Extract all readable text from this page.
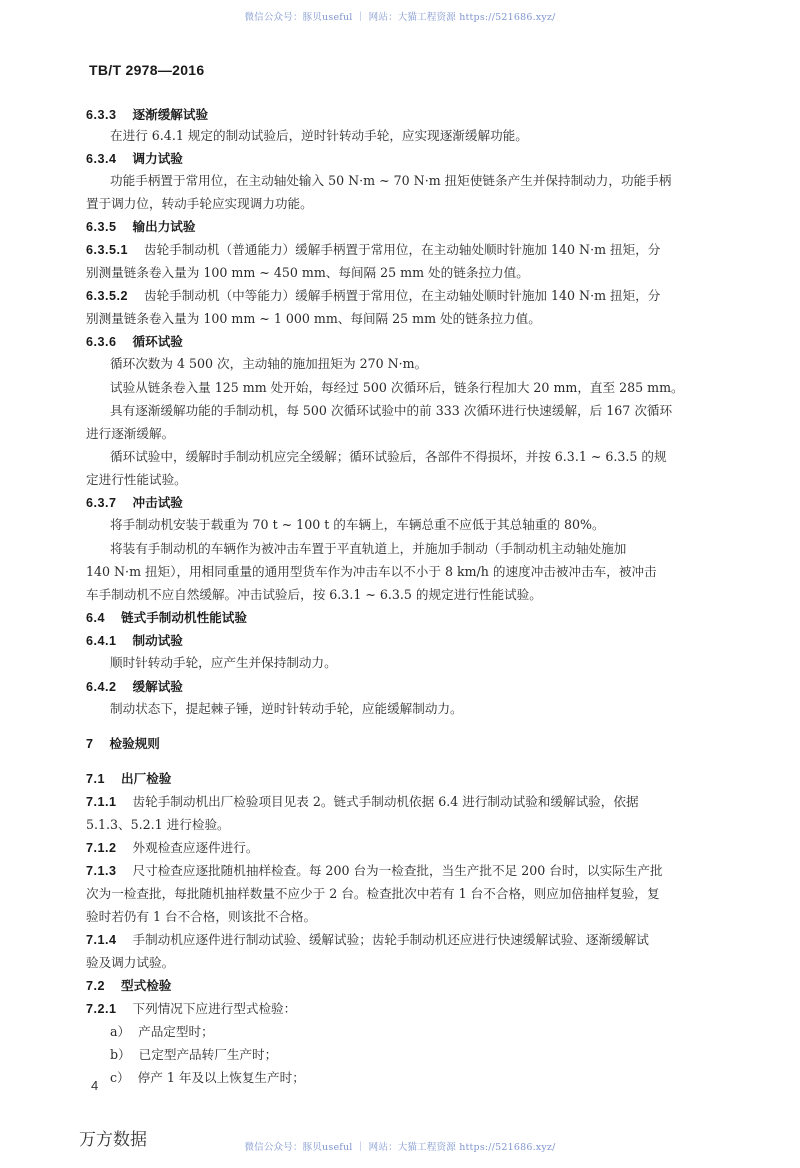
微信公众号：豚贝useful ｜ 网站：大猫工程资源 https://521686.xyz/
TB/T 2978—2016
6.3.3 逐渐缓解试验
在进行 6.4.1 规定的制动试验后，逆时针转动手轮，应实现逐渐缓解功能。
6.3.4 调力试验
功能手柄置于常用位，在主动轴处输入 50 N·m ~ 70 N·m 扭矩使链条产生并保持制动力，功能手柄
置于调力位，转动手轮应实现调力功能。
6.3.5 输出力试验
6.3.5.1 齿轮手制动机（普通能力）缓解手柄置于常用位，在主动轴处顺时针施加 140 N·m 扭矩，分
别测量链条卷入量为 100 mm ~ 450 mm、每间隔 25 mm 处的链条拉力值。
6.3.5.2 齿轮手制动机（中等能力）缓解手柄置于常用位，在主动轴处顺时针施加 140 N·m 扭矩，分
别测量链条卷入量为 100 mm ~ 1 000 mm、每间隔 25 mm 处的链条拉力值。
6.3.6 循环试验
循环次数为 4 500 次，主动轴的施加扭矩为 270 N·m。
试验从链条卷入量 125 mm 处开始，每经过 500 次循环后，链条行程加大 20 mm，直至 285 mm。
具有逐渐缓解功能的手制动机，每 500 次循环试验中的前 333 次循环进行快速缓解，后 167 次循环
进行逐渐缓解。
循环试验中，缓解时手制动机应完全缓解；循环试验后，各部件不得损坏，并按 6.3.1 ~ 6.3.5 的规
定进行性能试验。
6.3.7 冲击试验
将手制动机安装于载重为 70 t ~ 100 t 的车辆上，车辆总重不应低于其总轴重的 80%。
将装有手制动机的车辆作为被冲击车置于平直轨道上，并施加手制动（手制动机主动轴处施加
140 N·m 扭矩），用相同重量的通用型货车作为冲击车以不小于 8 km/h 的速度冲击被冲击车，被冲击
车手制动机不应自然缓解。冲击试验后，按 6.3.1 ~ 6.3.5 的规定进行性能试验。
6.4 链式手制动机性能试验
6.4.1 制动试验
顺时针转动手轮，应产生并保持制动力。
6.4.2 缓解试验
制动状态下，提起棘子锤，逆时针转动手轮，应能缓解制动力。
7 检验规则
7.1 出厂检验
7.1.1 齿轮手制动机出厂检验项目见表 2。链式手制动机依据 6.4 进行制动试验和缓解试验，依据
5.1.3、5.2.1 进行检验。
7.1.2 外观检查应逐件进行。
7.1.3 尺寸检查应逐批随机抽样检查。每 200 台为一检查批，当生产批不足 200 台时，以实际生产批
次为一检查批，每批随机抽样数量不应少于 2 台。检查批次中若有 1 台不合格，则应加倍抽样复验，复
验时若仍有 1 台不合格，则该批不合格。
7.1.4 手制动机应逐件进行制动试验、缓解试验；齿轮手制动机还应进行快速缓解试验、逐渐缓解试
验及调力试验。
7.2 型式检验
7.2.1 下列情况下应进行型式检验：
a） 产品定型时；
b） 已定型产品转厂生产时；
c） 停产 1 年及以上恢复生产时；
4
万方数据	微信公众号：豚贝useful ｜ 网站：大猫工程资源 https://521686.xyz/
